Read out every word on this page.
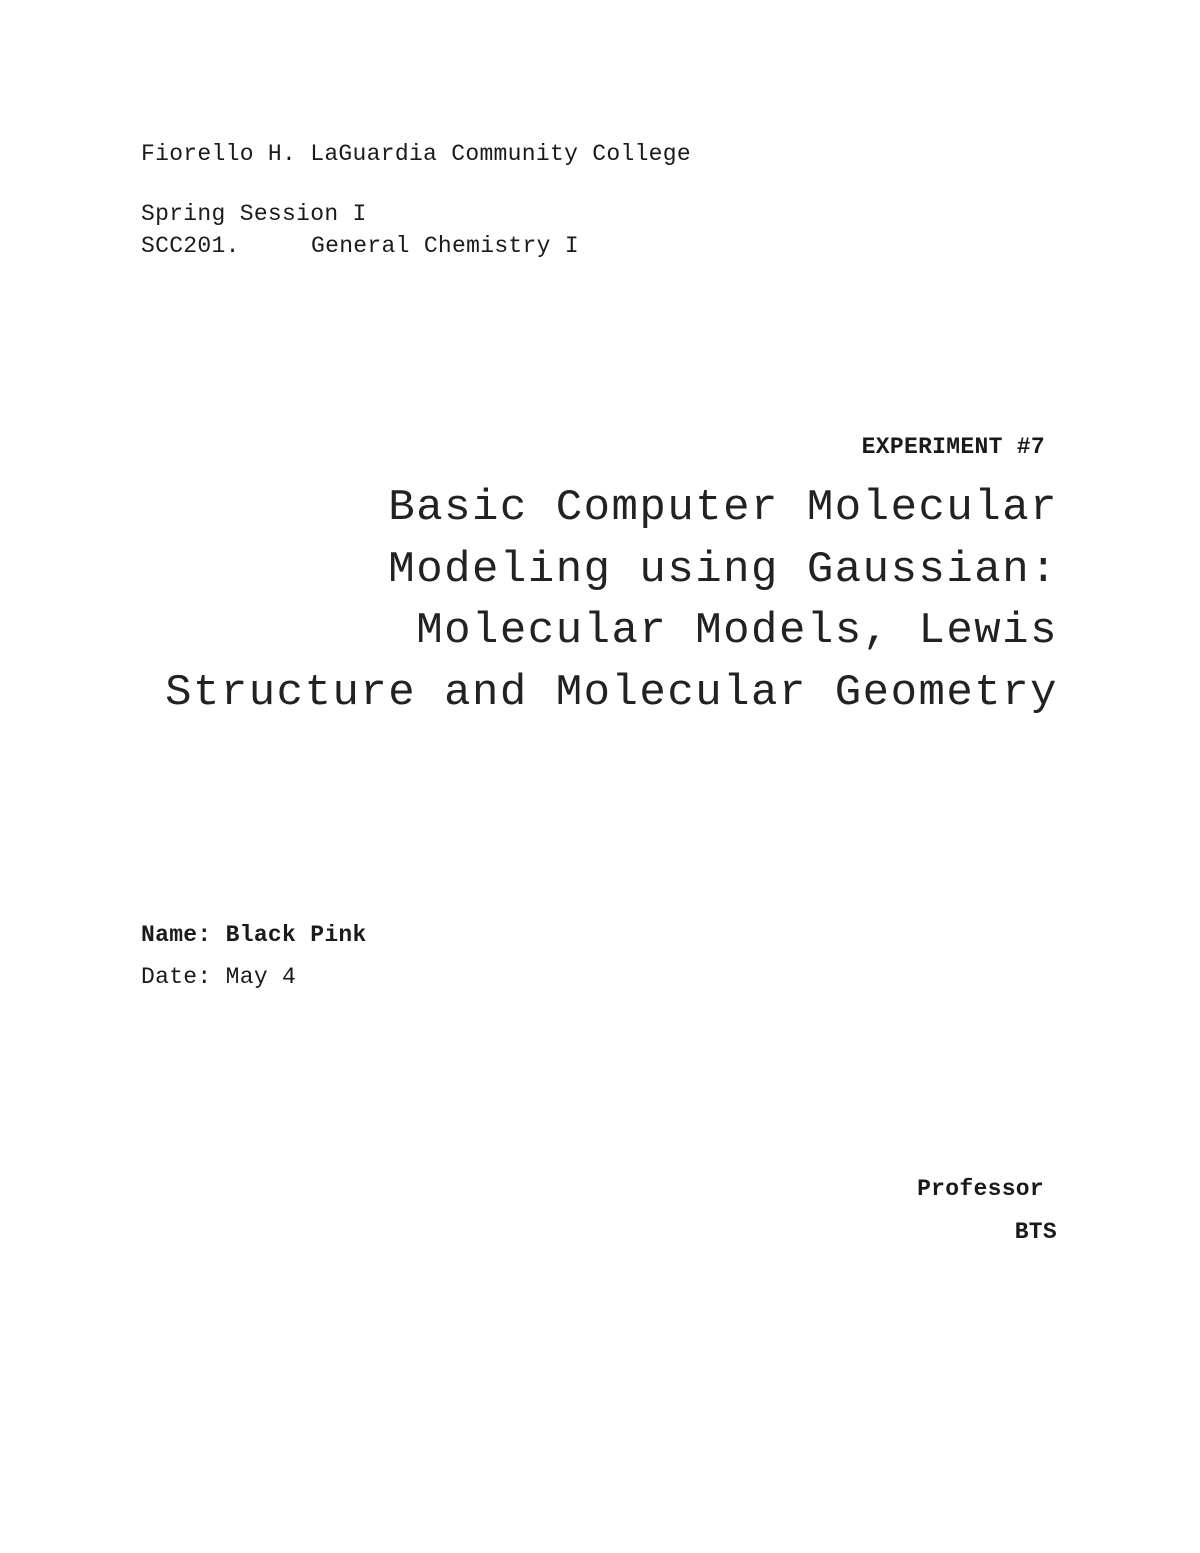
Fiorello H. LaGuardia Community College
Spring Session I
SCC201.	General Chemistry I
EXPERIMENT #7
Basic Computer Molecular
Modeling using Gaussian:
Molecular Models, Lewis
Structure and Molecular Geometry
Name: Black Pink
Date: May 4
Professor
BTS
